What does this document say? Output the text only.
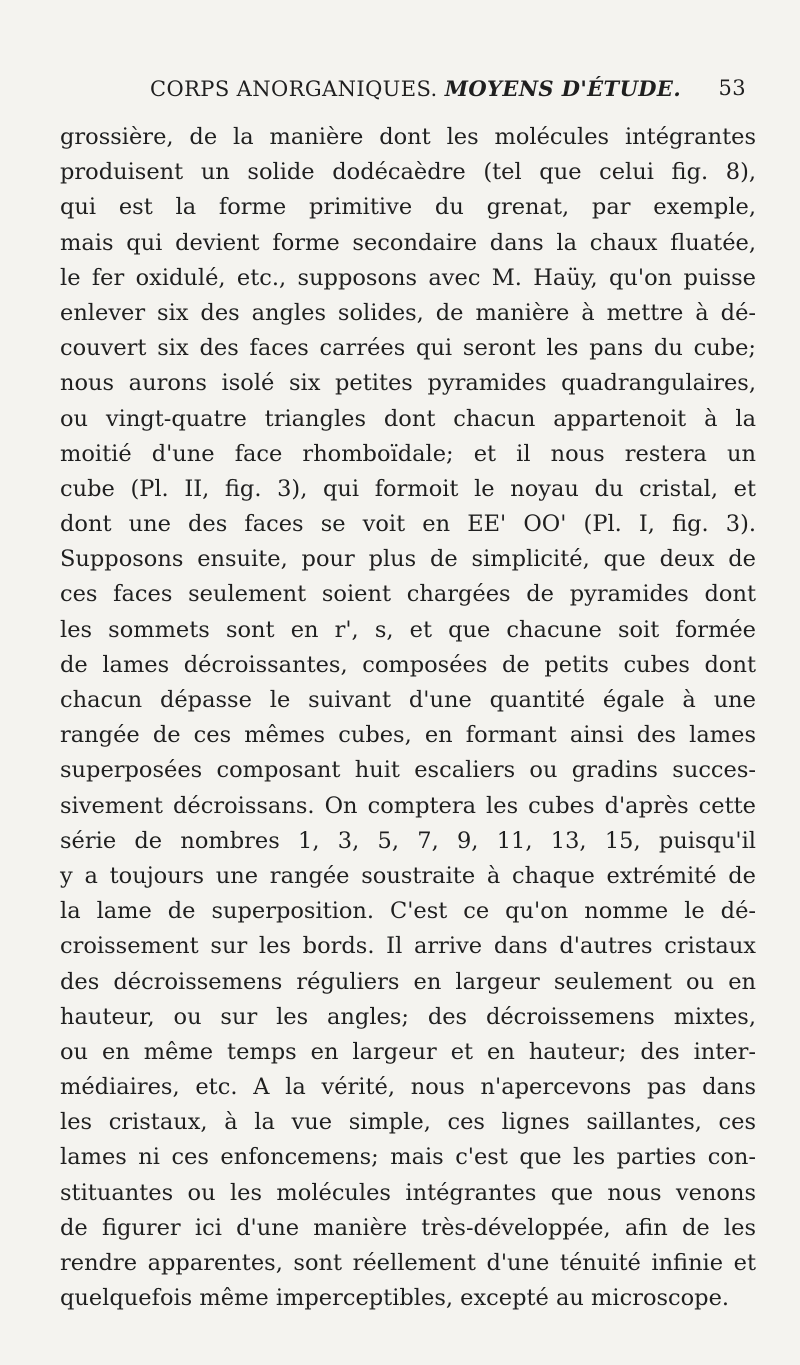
CORPS ANORGANIQUES. MOYENS D'ÉTUDE. 53
grossière, de la manière dont les molécules intégrantes
produisent un solide dodécaèdre (tel que celui fig. 8),
qui est la forme primitive du grenat, par exemple,
mais qui devient forme secondaire dans la chaux fluatée,
le fer oxidulé, etc., supposons avec M. Haüy, qu'on puisse
enlever six des angles solides, de manière à mettre à dé-
couvert six des faces carrées qui seront les pans du cube;
nous aurons isolé six petites pyramides quadrangulaires,
ou vingt-quatre triangles dont chacun appartenoit à la
moitié d'une face rhomboïdale; et il nous restera un
cube (Pl. II, fig. 3), qui formoit le noyau du cristal, et
dont une des faces se voit en EE' OO' (Pl. I, fig. 3).
Supposons ensuite, pour plus de simplicité, que deux de
ces faces seulement soient chargées de pyramides dont
les sommets sont en r', s, et que chacune soit formée
de lames décroissantes, composées de petits cubes dont
chacun dépasse le suivant d'une quantité égale à une
rangée de ces mêmes cubes, en formant ainsi des lames
superposées composant huit escaliers ou gradins succes-
sivement décroissans. On comptera les cubes d'après cette
série de nombres 1, 3, 5, 7, 9, 11, 13, 15, puisqu'il
y a toujours une rangée soustraite à chaque extrémité de
la lame de superposition. C'est ce qu'on nomme le dé-
croissement sur les bords. Il arrive dans d'autres cristaux
des décroissemens réguliers en largeur seulement ou en
hauteur, ou sur les angles; des décroissemens mixtes,
ou en même temps en largeur et en hauteur; des inter-
médiaires, etc. A la vérité, nous n'apercevons pas dans
les cristaux, à la vue simple, ces lignes saillantes, ces
lames ni ces enfoncemens; mais c'est que les parties con-
stituantes ou les molécules intégrantes que nous venons
de figurer ici d'une manière très-développée, afin de les
rendre apparentes, sont réellement d'une ténuité infinie et
quelquefois même imperceptibles, excepté au microscope.
